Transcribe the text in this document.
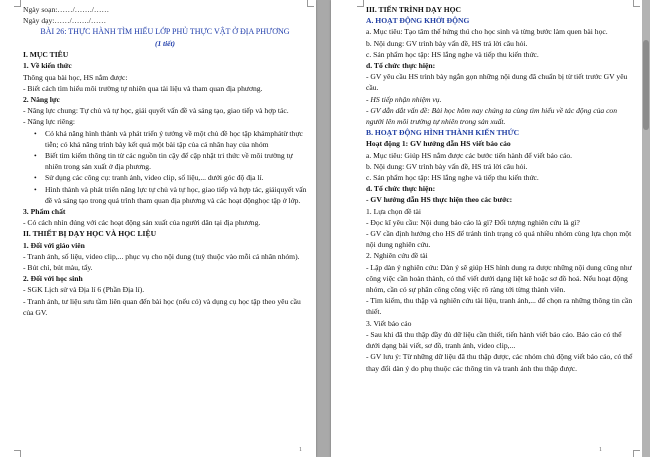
Ngày soạn:……/……./……

Ngày dạy:……/……./……

BÀI 26: THỰC HÀNH TÌM HIỂU LỚP PHỦ THỰC VẬT Ở ĐỊA PHƯƠNG

(1 tiết)

I. MỤC TIÊU

1. Về kiến thức

Thông qua bài học, HS nắm được:

- Biết cách tìm hiểu môi trường tự nhiên qua tài liệu và tham quan địa phương.

2. Năng lực

- Năng lực chung: Tự chủ và tự học, giải quyết vấn đề và sáng tạo, giao tiếp và hợp tác.

- Năng lực riêng:

• Có khả năng hình thành và phát triển ý tưởng về một chủ đề học tập khámphátừ thực tiễn; có khả năng trình bày kết quả một bài tập của cá nhân hay của nhóm

• Biết tìm kiếm thông tin từ các nguồn tin cậy để cập nhật tri thức về môi trường tự nhiên trong sản xuất ở địa phương.

• Sử dụng các công cụ: tranh ảnh, video clip, số liệu,... dưới góc độ địa lí.

• Hình thành và phát triển năng lực tự chủ và tự học, giao tiếp và hợp tác, giảiquyết vấn đề và sáng tạo trong quá trình tham quan địa phương và các hoạt độnghọc tập ở lớp.

3. Phẩm chất

- Có cách nhìn đúng với các hoạt động sản xuất của người dân tại địa phương.

II. THIẾT BỊ DẠY HỌC VÀ HỌC LIỆU

1. Đối với giáo viên

- Tranh ảnh, số liệu, video clip,... phục vụ cho nội dung (tuỳ thuộc vào mỗi cá nhân nhóm).

- Bút chì, bút màu, tẩy.

2. Đối với học sinh

- SGK Lịch sử và Địa lí 6 (Phần Địa lí).

- Tranh ảnh, tư liệu sưu tầm liên quan đến bài học (nếu có) và dụng cụ học tập theo yêu cầu của GV.

1

III. TIẾN TRÌNH DẠY HỌC

A. HOẠT ĐỘNG KHỞI ĐỘNG

a. Mục tiêu: Tạo tâm thế hứng thú cho học sinh và từng bước làm quen bài học.

b. Nội dung: GV trình bày vấn đề, HS trả lời câu hỏi.

c. Sản phẩm học tập: HS lắng nghe và tiếp thu kiến thức.

d. Tổ chức thực hiện:

- GV yêu cầu HS trình bày ngắn gọn những nội dung đã chuẩn bị từ tiết trước GV yêu cầu.

- HS tiếp nhận nhiệm vụ.

- GV dẫn dắt vấn đề: Bài học hôm nay chúng ta cùng tìm hiểu về tác động của con người lên môi trường tự nhiên trong sản xuất.

B. HOẠT ĐỘNG HÌNH THÀNH KIẾN THỨC

Hoạt động 1: GV hướng dẫn HS viết báo cáo

a. Mục tiêu: Giúp HS nắm được các bước tiến hành để viết báo cáo.

b. Nội dung: GV trình bày vấn đề, HS trả lời câu hỏi.

c. Sản phẩm học tập: HS lắng nghe và tiếp thu kiến thức.

d. Tổ chức thực hiện:

- GV hướng dẫn HS thực hiện theo các bước:

1. Lựa chọn đề tài

- Đọc kĩ yêu cầu: Nội dung báo cáo là gì? Đối tượng nghiên cứu là gì?

- GV cần định hướng cho HS để tránh tình trạng có quá nhiều nhóm cùng lựa chọn một nội dung nghiên cứu.

2. Nghiên cứu đề tài

- Lập dàn ý nghiên cứu: Dàn ý sẽ giúp HS hình dung ra được những nội dung cũng như công việc cần hoàn thành, có thể viết dưới dạng liệt kê hoặc sơ đồ hoá. Nếu hoạt động nhóm, cần có sự phân công công việc rõ ràng tới từng thành viên.

- Tìm kiếm, thu thập và nghiên cứu tài liệu, tranh ảnh,... để chọn ra những thông tin cần thiết.

3. Viết báo cáo

- Sau khi đã thu thập đầy đủ dữ liệu cần thiết, tiến hành viết báo cáo. Báo cáo có thể dưới dạng bài viết, sơ đồ, tranh ảnh, video clip,...

- GV lưu ý: Từ những dữ liệu đã thu thập được, các nhóm chủ động viết báo cáo, có thể thay đổi dàn ý do phụ thuộc các thông tin và tranh ảnh thu thập được.

1
